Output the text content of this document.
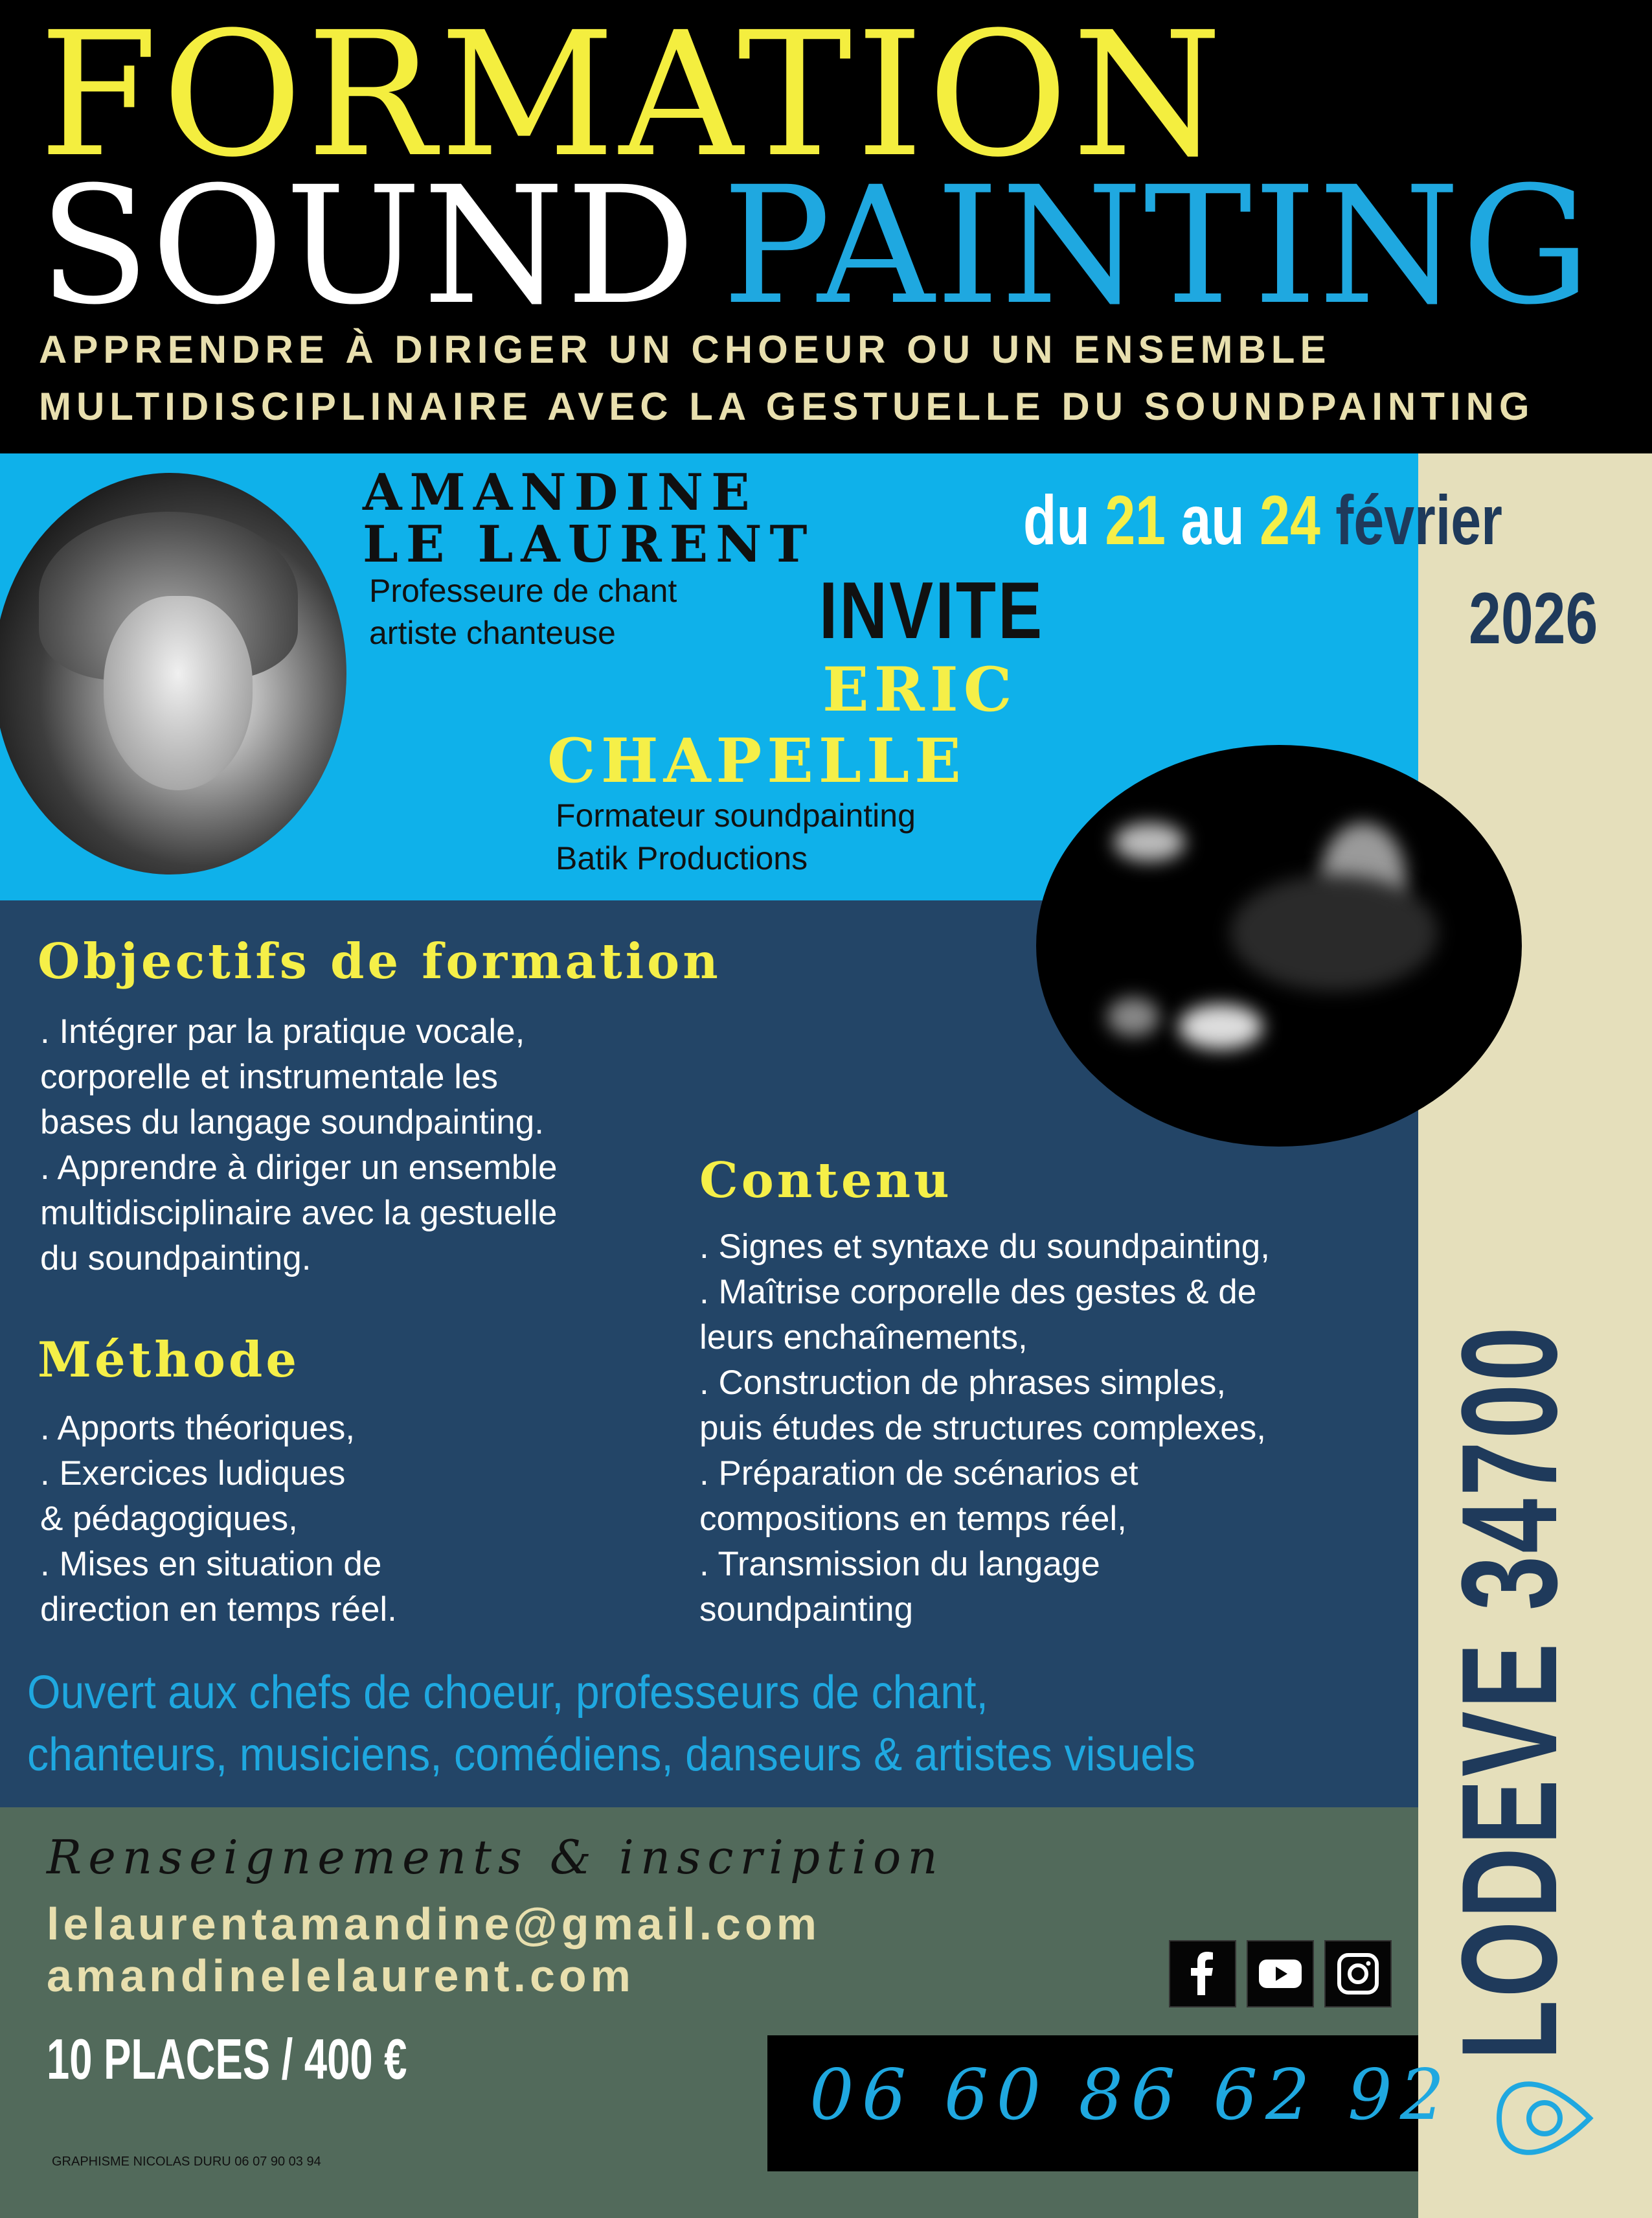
FORMATION
SOUND PAINTING
APPRENDRE À DIRIGER UN CHOEUR OU UN ENSEMBLE
MULTIDISCIPLINAIRE AVEC LA GESTUELLE DU SOUNDPAINTING
AMANDINE
LE LAURENT
Professeure de chant
artiste chanteuse
du 21 au 24 février
2026
INVITE
ERIC
CHAPELLE
Formateur soundpainting
Batik Productions
Objectifs de formation
. Intégrer par la pratique vocale,
corporelle et instrumentale les
bases du langage soundpainting.
. Apprendre à diriger un ensemble
multidisciplinaire avec la gestuelle
du soundpainting.
Méthode
. Apports théoriques,
. Exercices ludiques
& pédagogiques,
. Mises en situation de
direction en temps réel.
Contenu
. Signes et syntaxe du soundpainting,
. Maîtrise corporelle des gestes & de
leurs enchaînements,
. Construction de phrases simples,
puis études de structures complexes,
. Préparation de scénarios et
compositions en temps réel,
. Transmission du langage
soundpainting
Ouvert aux chefs de choeur, professeurs de chant,
chanteurs, musiciens, comédiens, danseurs & artistes visuels
Renseignements & inscription
lelaurentamandine@gmail.com
amandinelelaurent.com
10 PLACES / 400 €
GRAPHISME NICOLAS DURU 06 07 90 03 94
06 60 86 62 92
LODEVE 34700
